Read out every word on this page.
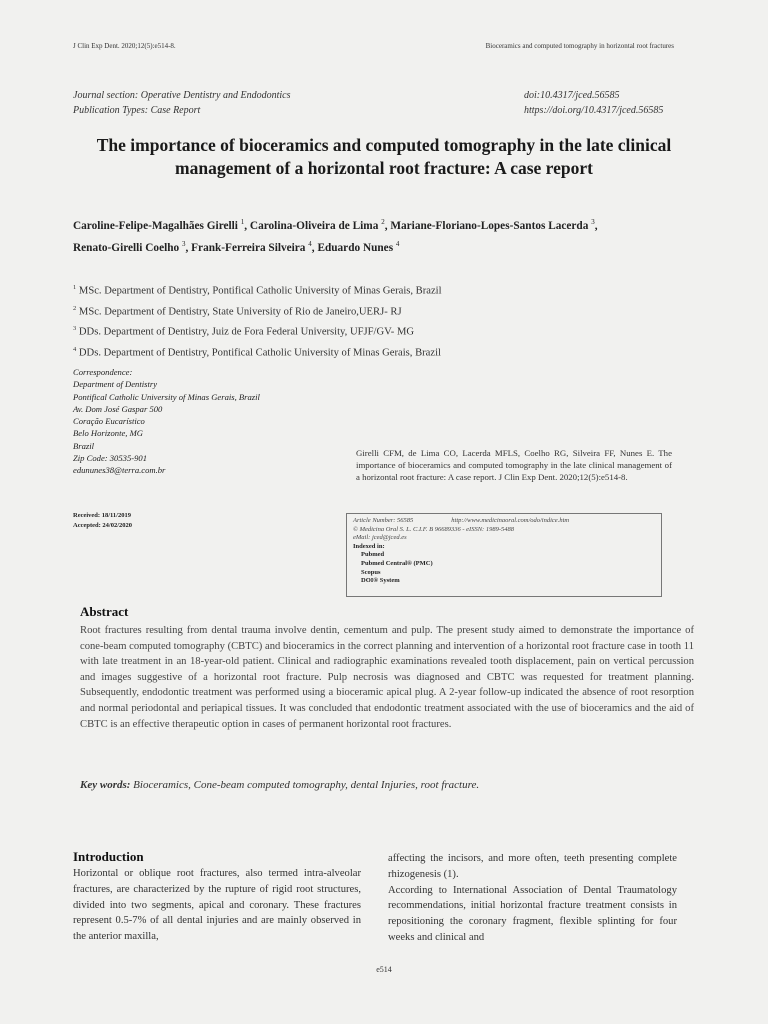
J Clin Exp Dent. 2020;12(5):e514-8.	Bioceramics and computed tomography in horizontal root fractures
Journal section: Operative Dentistry and Endodontics
Publication Types: Case Report
doi:10.4317/jced.56585
https://doi.org/10.4317/jced.56585
The importance of bioceramics and computed tomography in the late clinical
management of a horizontal root fracture: A case report
Caroline-Felipe-Magalhães Girelli $^1$, Carolina-Oliveira de Lima $^2$, Mariane-Floriano-Lopes-Santos Lacerda $^3$,
Renato-Girelli Coelho $^3$, Frank-Ferreira Silveira $^4$, Eduardo Nunes $^4$
$^1$ MSc. Department of Dentistry, Pontifical Catholic University of Minas Gerais, Brazil
$^2$ MSc. Department of Dentistry, State University of Rio de Janeiro,UERJ- RJ
$^3$ DDs. Department of Dentistry, Juiz de Fora Federal University, UFJF/GV- MG
$^4$ DDs. Department of Dentistry, Pontifical Catholic University of Minas Gerais, Brazil
Correspondence:
Department of Dentistry
Pontifical Catholic University of Minas Gerais, Brazil
Av. Dom José Gaspar 500
Coração Eucarístico
Belo Horizonte, MG
Brazil
Zip Code: 30535-901
edununes38@terra.com.br
Received: 18/11/2019
Accepted: 24/02/2020
Girelli CFM, de Lima CO, Lacerda MFLS, Coelho RG, Silveira FF, Nunes E. The importance of bioceramics and computed tomography in the late clinical management of a horizontal root fracture: A case report. J Clin Exp Dent. 2020;12(5):e514-8.
Article Number: 56585	http://www.medicinaoral.com/odo/indice.htm
© Medicina Oral S. L. C.I.F. B 96689336 - eISSN: 1989-5488
eMail: jced@jced.es
Indexed in:
Pubmed
Pubmed Central® (PMC)
Scopus
DOI® System
Abstract
Root fractures resulting from dental trauma involve dentin, cementum and pulp. The present study aimed to demonstrate the importance of cone-beam computed tomography (CBTC) and bioceramics in the correct planning and intervention of a horizontal root fracture case in tooth 11 with late treatment in an 18-year-old patient. Clinical and radiographic examinations revealed tooth displacement, pain on vertical percussion and images suggestive of a horizontal root fracture. Pulp necrosis was diagnosed and CBTC was requested for treatment planning. Subsequently, endodontic treatment was performed using a bioceramic apical plug. A 2-year follow-up indicated the absence of root resorption and normal periodontal and periapical tissues. It was concluded that endodontic treatment associated with the use of bioceramics and the aid of CBTC is an effective therapeutic option in cases of permanent horizontal root fractures.
Key words: Bioceramics, Cone-beam computed tomography, dental Injuries, root fracture.
Introduction
Horizontal or oblique root fractures, also termed intra-alveolar fractures, are characterized by the rupture of rigid root structures, divided into two segments, apical and coronary. These fractures represent 0.5-7% of all dental injuries and are mainly observed in the anterior maxilla,
affecting the incisors, and more often, teeth presenting complete rhizogenesis (1).
According to International Association of Dental Traumatology recommendations, initial horizontal fracture treatment consists in repositioning the coronary fragment, flexible splinting for four weeks and clinical and
e514
